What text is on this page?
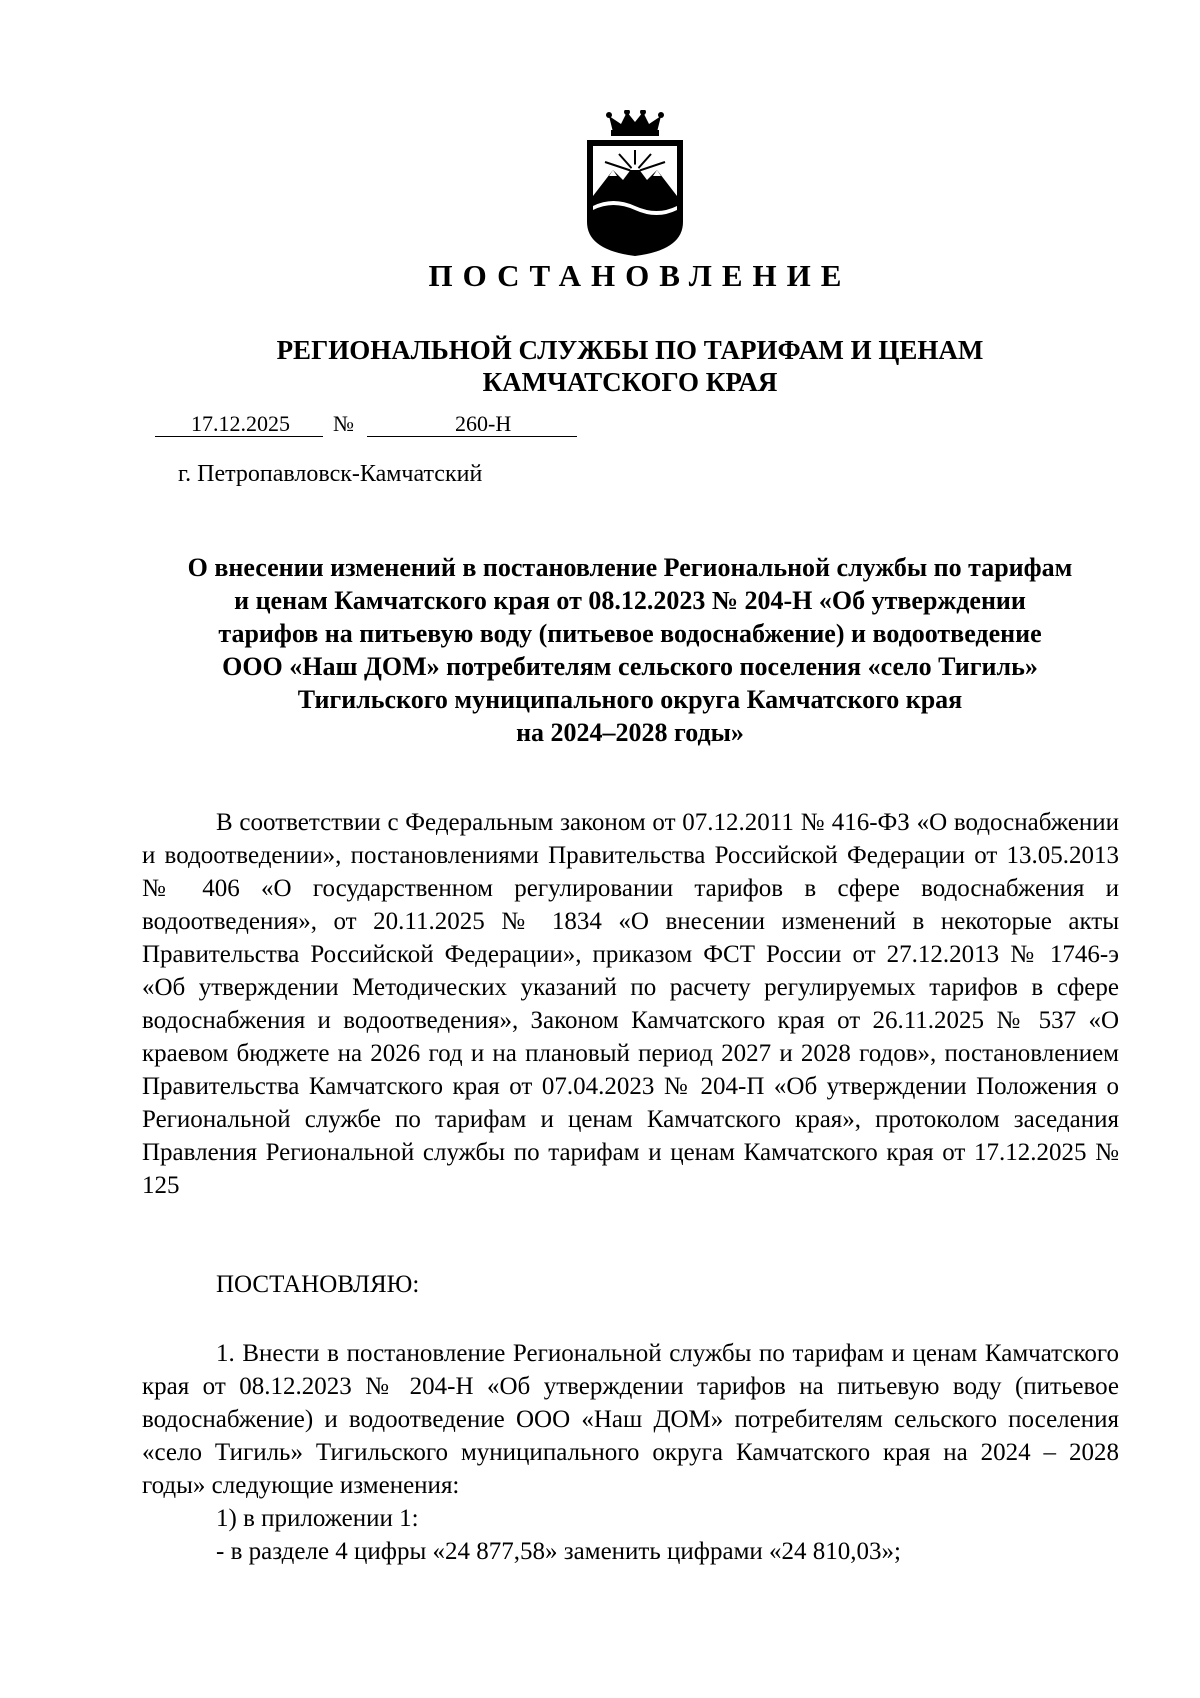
ПОСТАНОВЛЕНИЕ
РЕГИОНАЛЬНОЙ СЛУЖБЫ ПО ТАРИФАМ И ЦЕНАМ
КАМЧАТСКОГО КРАЯ
17.12.2025 №	260-Н
г. Петропавловск-Камчатский
О внесении изменений в постановление Региональной службы по тарифам
и ценам Камчатского края от 08.12.2023 № 204-Н «Об утверждении
тарифов на питьевую воду (питьевое водоснабжение) и водоотведение
ООО «Наш ДОМ» потребителям сельского поселения «село Тигиль»
Тигильского муниципального округа Камчатского края
на 2024–2028 годы»

В соответствии с Федеральным законом от 07.12.2011 № 416-ФЗ «О водоснабжении и водоотведении», постановлениями Правительства Российской Федерации от 13.05.2013 № 406 «О государственном регулировании тарифов в сфере водоснабжения и водоотведения», от 20.11.2025 № 1834 «О внесении изменений в некоторые акты Правительства Российской Федерации», приказом ФСТ России от 27.12.2013 № 1746-э «Об утверждении Методических указаний по расчету регулируемых тарифов в сфере водоснабжения и водоотведения», Законом Камчатского края от 26.11.2025 № 537 «О краевом бюджете на 2026 год и на плановый период 2027 и 2028 годов», постановлением Правительства Камчатского края от 07.04.2023 № 204-П «Об утверждении Положения о Региональной службе по тарифам и ценам Камчатского края», протоколом заседания Правления Региональной службы по тарифам и ценам Камчатского края от 17.12.2025 № 125

ПОСТАНОВЛЯЮ:

1. Внести в постановление Региональной службы по тарифам и ценам Камчатского края от 08.12.2023 № 204-Н «Об утверждении тарифов на питьевую воду (питьевое водоснабжение) и водоотведение ООО «Наш ДОМ» потребителям сельского поселения «село Тигиль» Тигильского муниципального округа Камчатского края на 2024 – 2028 годы» следующие изменения:

1) в приложении 1:
- в разделе 4 цифры «24 877,58» заменить цифрами «24 810,03»;
